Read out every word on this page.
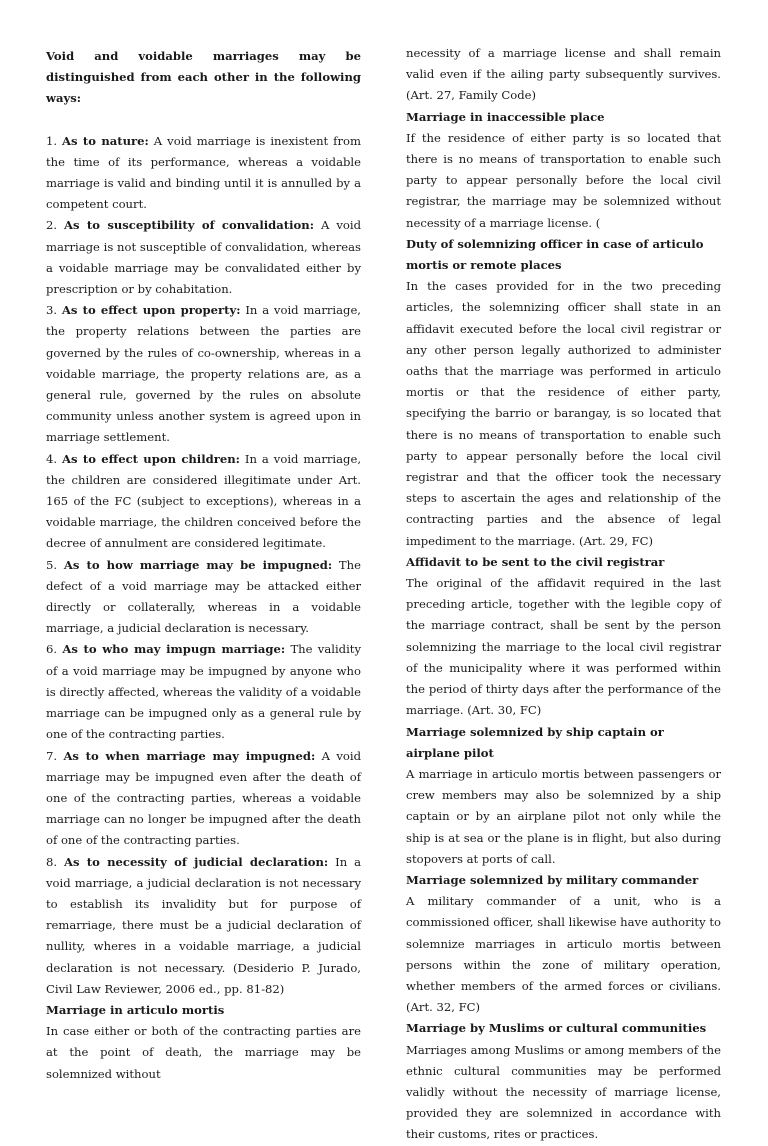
Void and voidable marriages may be distinguished from each other in the following ways:

1. As to nature: A void marriage is inexistent from the time of its performance, whereas a voidable marriage is valid and binding until it is annulled by a competent court.

2. As to susceptibility of convalidation: A void marriage is not susceptible of convalidation, whereas a voidable marriage may be convalidated either by prescription or by cohabitation.

3. As to effect upon property: In a void marriage, the property relations between the parties are governed by the rules of co-ownership, whereas in a voidable marriage, the property relations are, as a general rule, governed by the rules on absolute community unless another system is agreed upon in marriage settlement.

4. As to effect upon children: In a void marriage, the children are considered illegitimate under Art. 165 of the FC (subject to exceptions), whereas in a voidable marriage, the children conceived before the decree of annulment are considered legitimate.

5. As to how marriage may be impugned: The defect of a void marriage may be attacked either directly or collaterally, whereas in a voidable marriage, a judicial declaration is necessary.

6. As to who may impugn marriage: The validity of a void marriage may be impugned by anyone who is directly affected, whereas the validity of a voidable marriage can be impugned only as a general rule by one of the contracting parties.

7. As to when marriage may impugned: A void marriage may be impugned even after the death of one of the contracting parties, whereas a voidable marriage can no longer be impugned after the death of one of the contracting parties.

8. As to necessity of judicial declaration: In a void marriage, a judicial declaration is not necessary to establish its invalidity but for purpose of remarriage, there must be a judicial declaration of nullity, wheres in a voidable marriage, a judicial declaration is not necessary. (Desiderio P. Jurado, Civil Law Reviewer, 2006 ed., pp. 81-82)

Marriage in articulo mortis

In case either or both of the contracting parties are at the point of death, the marriage may be solemnized without

necessity of a marriage license and shall remain valid even if the ailing party subsequently survives. (Art. 27, Family Code)

Marriage in inaccessible place

If the residence of either party is so located that there is no means of transportation to enable such party to appear personally before the local civil registrar, the marriage may be solemnized without necessity of a marriage license. (

Duty of solemnizing officer in case of articulo mortis or remote places

In the cases provided for in the two preceding articles, the solemnizing officer shall state in an affidavit executed before the local civil registrar or any other person legally authorized to administer oaths that the marriage was performed in articulo mortis or that the residence of either party, specifying the barrio or barangay, is so located that there is no means of transportation to enable such party to appear personally before the local civil registrar and that the officer took the necessary steps to ascertain the ages and relationship of the contracting parties and the absence of legal impediment to the marriage. (Art. 29, FC)

Affidavit to be sent to the civil registrar

The original of the affidavit required in the last preceding article, together with the legible copy of the marriage contract, shall be sent by the person solemnizing the marriage to the local civil registrar of the municipality where it was performed within the period of thirty days after the performance of the marriage. (Art. 30, FC)

Marriage solemnized by ship captain or airplane pilot

A marriage in articulo mortis between passengers or crew members may also be solemnized by a ship captain or by an airplane pilot not only while the ship is at sea or the plane is in flight, but also during stopovers at ports of call.

Marriage solemnized by military commander

A military commander of a unit, who is a commissioned officer, shall likewise have authority to solemnize marriages in articulo mortis between persons within the zone of military operation, whether members of the armed forces or civilians. (Art. 32, FC)

Marriage by Muslims or cultural communities

Marriages among Muslims or among members of the ethnic cultural communities may be performed validly without the necessity of marriage license, provided they are solemnized in accordance with their customs, rites or practices.
